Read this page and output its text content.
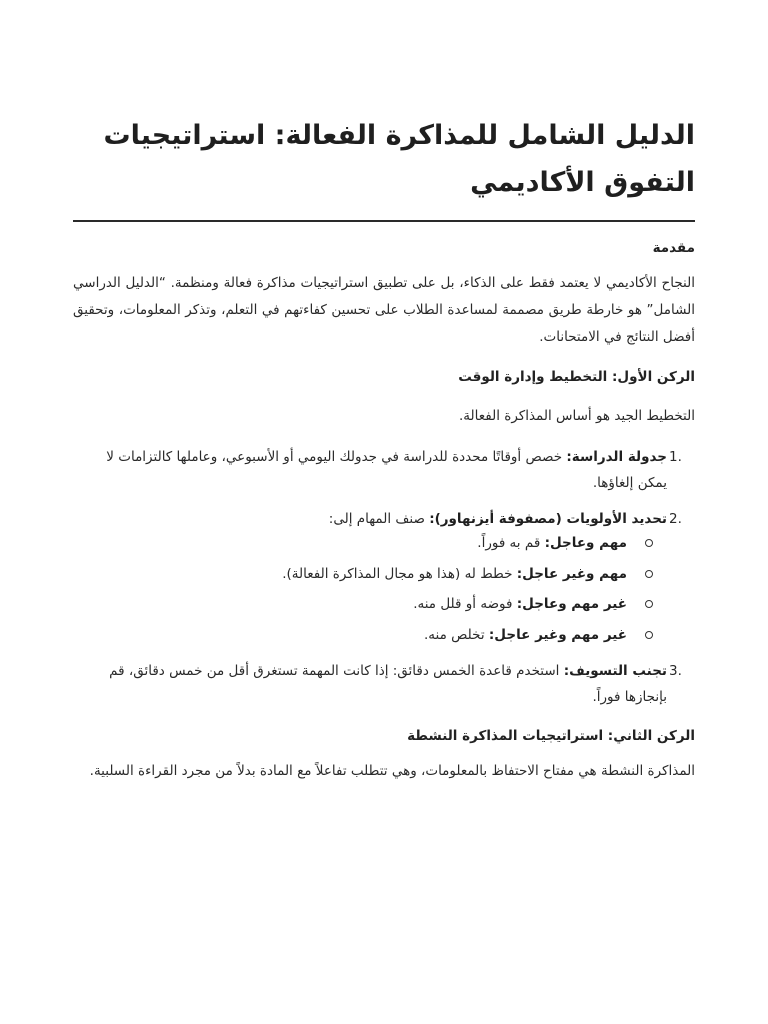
الدليل الشامل للمذاكرة الفعالة: استراتيجيات التفوق الأكاديمي
مقدمة

النجاح الأكاديمي لا يعتمد فقط على الذكاء، بل على تطبيق استراتيجيات مذاكرة فعالة ومنظمة. “الدليل الدراسي الشامل” هو خارطة طريق مصممة لمساعدة الطلاب على تحسين كفاءتهم في التعلم، وتذكر المعلومات، وتحقيق أفضل النتائج في الامتحانات.

الركن الأول: التخطيط وإدارة الوقت

التخطيط الجيد هو أساس المذاكرة الفعالة.

1.
جدولة الدراسة: خصص أوقاتًا محددة للدراسة في جدولك اليومي أو الأسبوعي، وعاملها كالتزامات لا يمكن إلغاؤها.
2.
تحديد الأولويات (مصفوفة أيزنهاور): صنف المهام إلى:
مهم وعاجل: قم به فوراً.
مهم وغير عاجل: خطط له (هذا هو مجال المذاكرة الفعالة).
غير مهم وعاجل: فوضه أو قلل منه.
غير مهم وغير عاجل: تخلص منه.
3.
تجنب التسويف: استخدم قاعدة الخمس دقائق: إذا كانت المهمة تستغرق أقل من خمس دقائق، قم بإنجازها فوراً.
الركن الثاني: استراتيجيات المذاكرة النشطة

المذاكرة النشطة هي مفتاح الاحتفاظ بالمعلومات، وهي تتطلب تفاعلاً مع المادة بدلاً من مجرد القراءة السلبية.
